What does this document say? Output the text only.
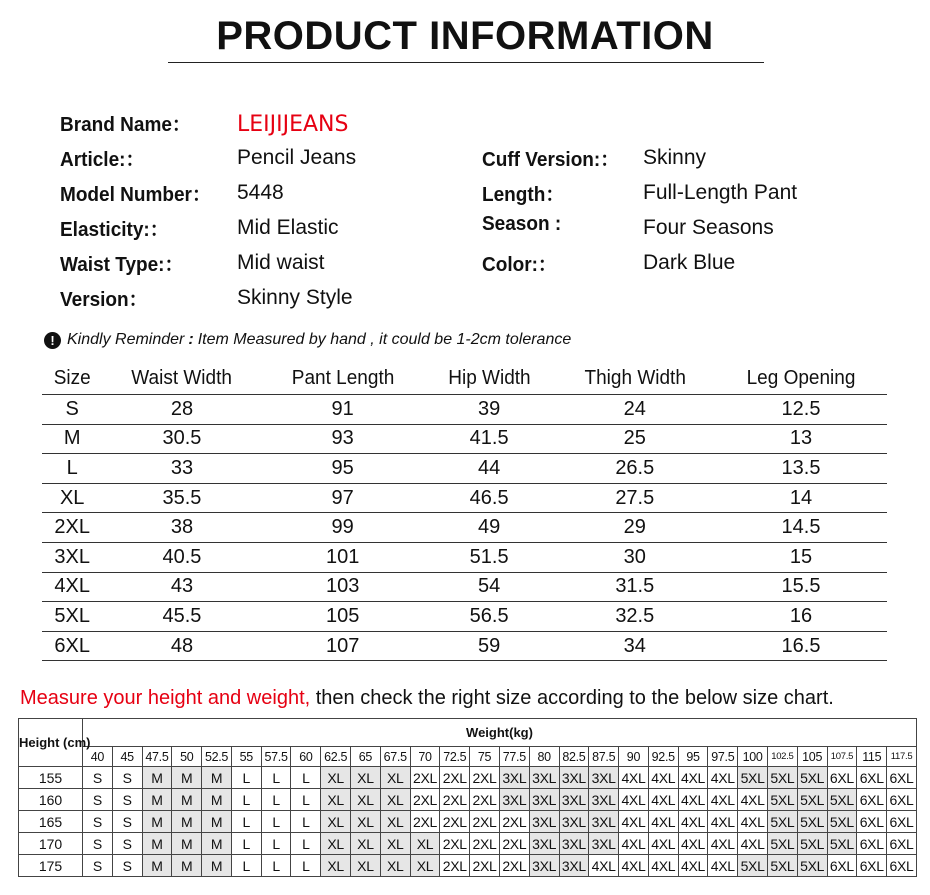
PRODUCT INFORMATION
Brand Name： LEIJIJEANS
Article:：	Pencil Jeans
Model Number： 5448
Elasticity:：	Mid Elastic
Waist Type:：	Mid waist
Version：	Skinny Style
Cuff Version:： Skinny
Length：	Full-Length Pant
Season :	Four Seasons
Color:：	Dark Blue
! Kindly Reminder : Item Measured by hand , it could be 1-2cm tolerance
Size	Waist Width	Pant Length	Hip Width	Thigh Width	Leg Opening
S	28	91	39	24	12.5
M	30.5	93	41.5	25	13
L	33	95	44	26.5	13.5
XL	35.5	97	46.5	27.5	14
2XL	38	99	49	29	14.5
3XL	40.5	101	51.5	30	15
4XL	43	103	54	31.5	15.5
5XL	45.5	105	56.5	32.5	16
6XL	48	107	59	34	16.5
Measure your height and weight, then check the right size according to the below size chart.
Height (cm)	Weight(kg)																											
	40	45	47.5	50	52.5	55	57.5	60	62.5	65	67.5	70	72.5	75	77.5	80	82.5	87.5	90	92.5	95	97.5	100	102.5	105	107.5	115	117.5
155	S	S	M	M	M	L	L	L	XL	XL	XL	2XL	2XL	2XL	3XL	3XL	3XL	3XL	4XL	4XL	4XL	4XL	5XL	5XL	5XL	6XL	6XL	6XL
160	S	S	M	M	M	L	L	L	XL	XL	XL	2XL	2XL	2XL	3XL	3XL	3XL	3XL	4XL	4XL	4XL	4XL	4XL	5XL	5XL	5XL	6XL	6XL
165	S	S	M	M	M	L	L	L	XL	XL	XL	2XL	2XL	2XL	2XL	3XL	3XL	3XL	4XL	4XL	4XL	4XL	4XL	5XL	5XL	5XL	6XL	6XL
170	S	S	M	M	M	L	L	L	XL	XL	XL	XL	2XL	2XL	2XL	3XL	3XL	3XL	4XL	4XL	4XL	4XL	4XL	5XL	5XL	5XL	6XL	6XL
175	S	S	M	M	M	L	L	L	XL	XL	XL	XL	2XL	2XL	2XL	3XL	3XL	4XL	4XL	4XL	4XL	4XL	5XL	5XL	5XL	6XL	6XL	6XL
